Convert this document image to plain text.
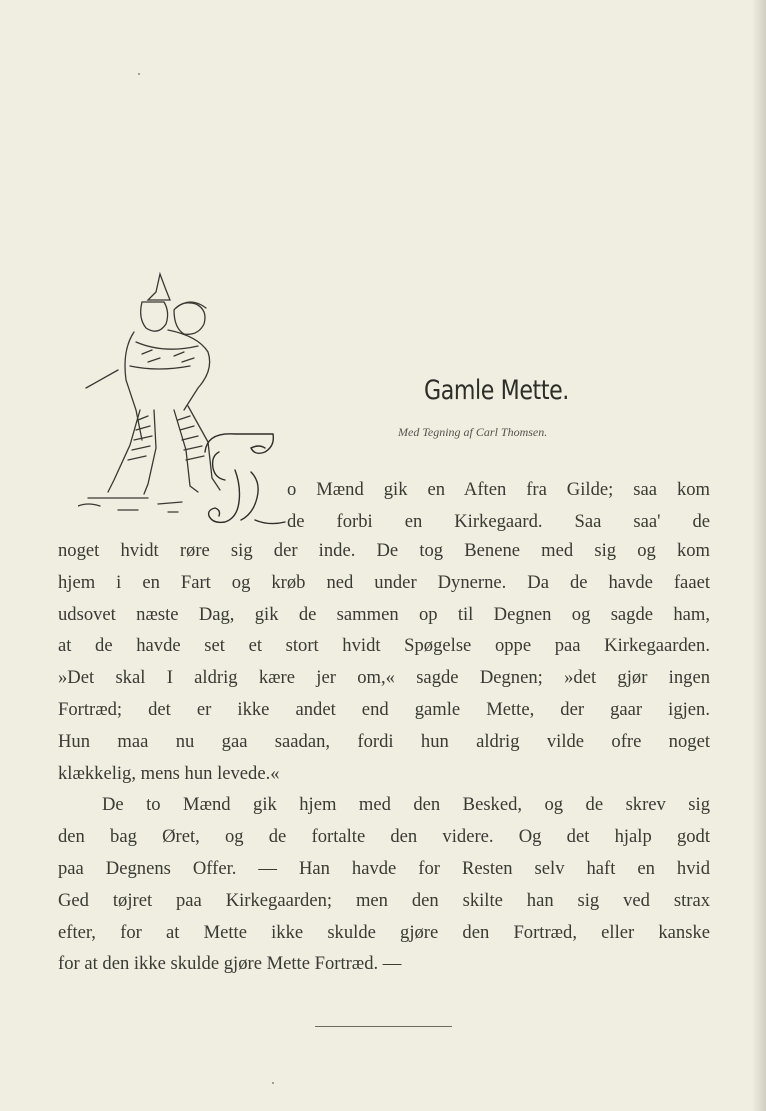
Gamle Mette.

Med Tegning af Carl Thomsen.

o Mænd gik en Aften fra Gilde; saa kom
de forbi en Kirkegaard. Saa saa' de
noget hvidt røre sig der inde. De tog Benene med sig og kom
hjem i en Fart og krøb ned under Dynerne. Da de havde faaet
udsovet næste Dag, gik de sammen op til Degnen og sagde ham,
at de havde set et stort hvidt Spøgelse oppe paa Kirkegaarden.
»Det skal I aldrig kære jer om,« sagde Degnen; »det gjør ingen
Fortræd; det er ikke andet end gamle Mette, der gaar igjen.
Hun maa nu gaa saadan, fordi hun aldrig vilde ofre noget
klækkelig, mens hun levede.«
De to Mænd gik hjem med den Besked, og de skrev sig
den bag Øret, og de fortalte den videre. Og det hjalp godt
paa Degnens Offer. — Han havde for Resten selv haft en hvid
Ged tøjret paa Kirkegaarden; men den skilte han sig ved strax
efter, for at Mette ikke skulde gjøre den Fortræd, eller kanske
for at den ikke skulde gjøre Mette Fortræd. —
